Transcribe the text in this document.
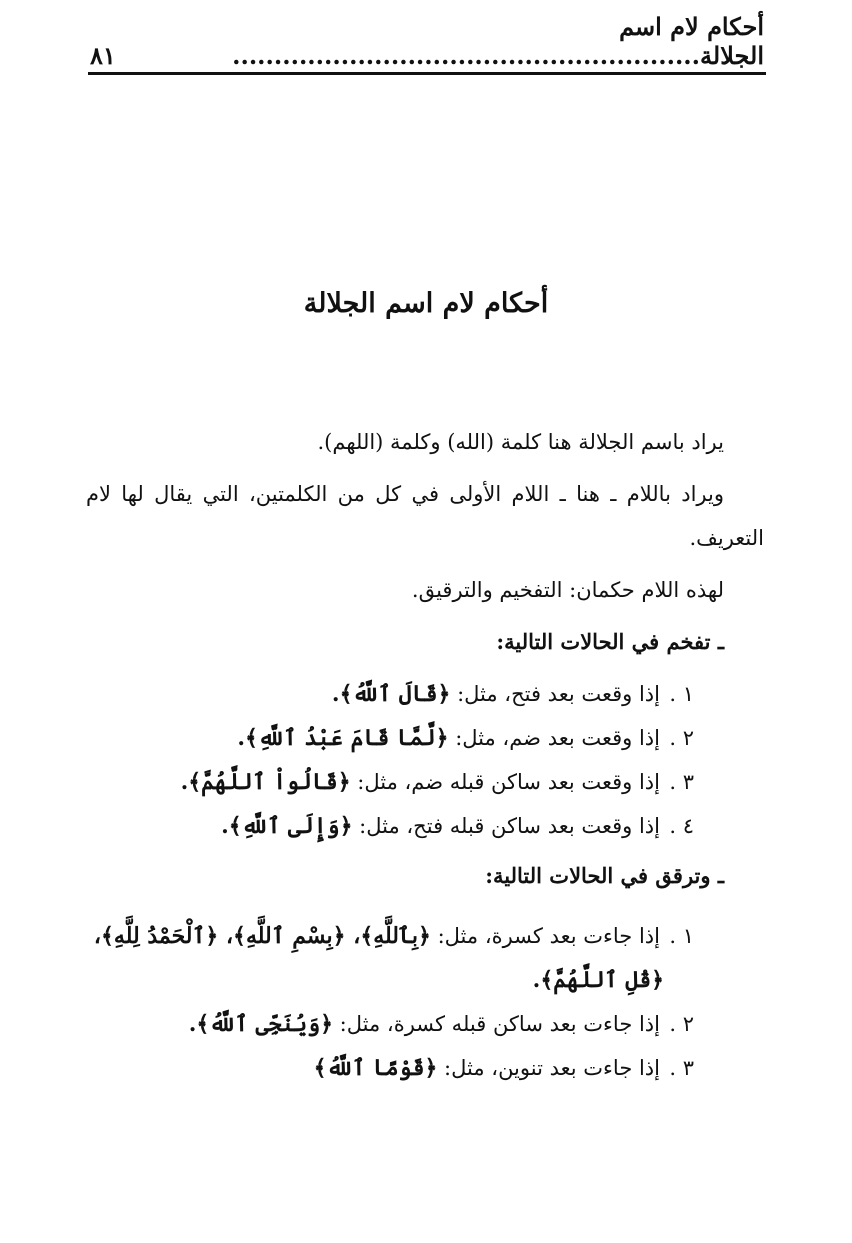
أحكام لام اسم الجلالة........................................................
٨١
أحكام لام اسم الجلالة

يراد باسم الجلالة هنا كلمة (الله) وكلمة (اللهم).

ويراد باللام ـ هنا ـ اللام الأولى في كل من الكلمتين، التي يقال لها لام التعريف.

لهذه اللام حكمان: التفخيم والترقيق.

ـ تفخم في الحالات التالية:

١ .
إذا وقعت بعد فتح، مثل: ﴿قَالَ ٱللَّهُ﴾.
٢ .
إذا وقعت بعد ضم، مثل: ﴿لَّمَّا قَامَ عَبْدُ ٱللَّهِ﴾.
٣ .
إذا وقعت بعد ساكن قبله ضم، مثل: ﴿قَالُواْ ٱللَّهُمَّ﴾.
٤ .
إذا وقعت بعد ساكن قبله فتح، مثل: ﴿وَإِلَى ٱللَّهِ﴾.

ـ وترقق في الحالات التالية:

١ .
إذا جاءت بعد كسرة، مثل: ﴿بِٱللَّهِ﴾، ﴿بِسْمِ ٱللَّهِ﴾، ﴿ٱلْحَمْدُ لِلَّهِ﴾،
﴿قُلِ ٱللَّهُمَّ﴾.
٢ .
إذا جاءت بعد ساكن قبله كسرة، مثل: ﴿وَيُنَجِّى ٱللَّهُ﴾.
٣ .
إذا جاءت بعد تنوين، مثل: ﴿قَوْمًا ٱللَّهُ﴾
